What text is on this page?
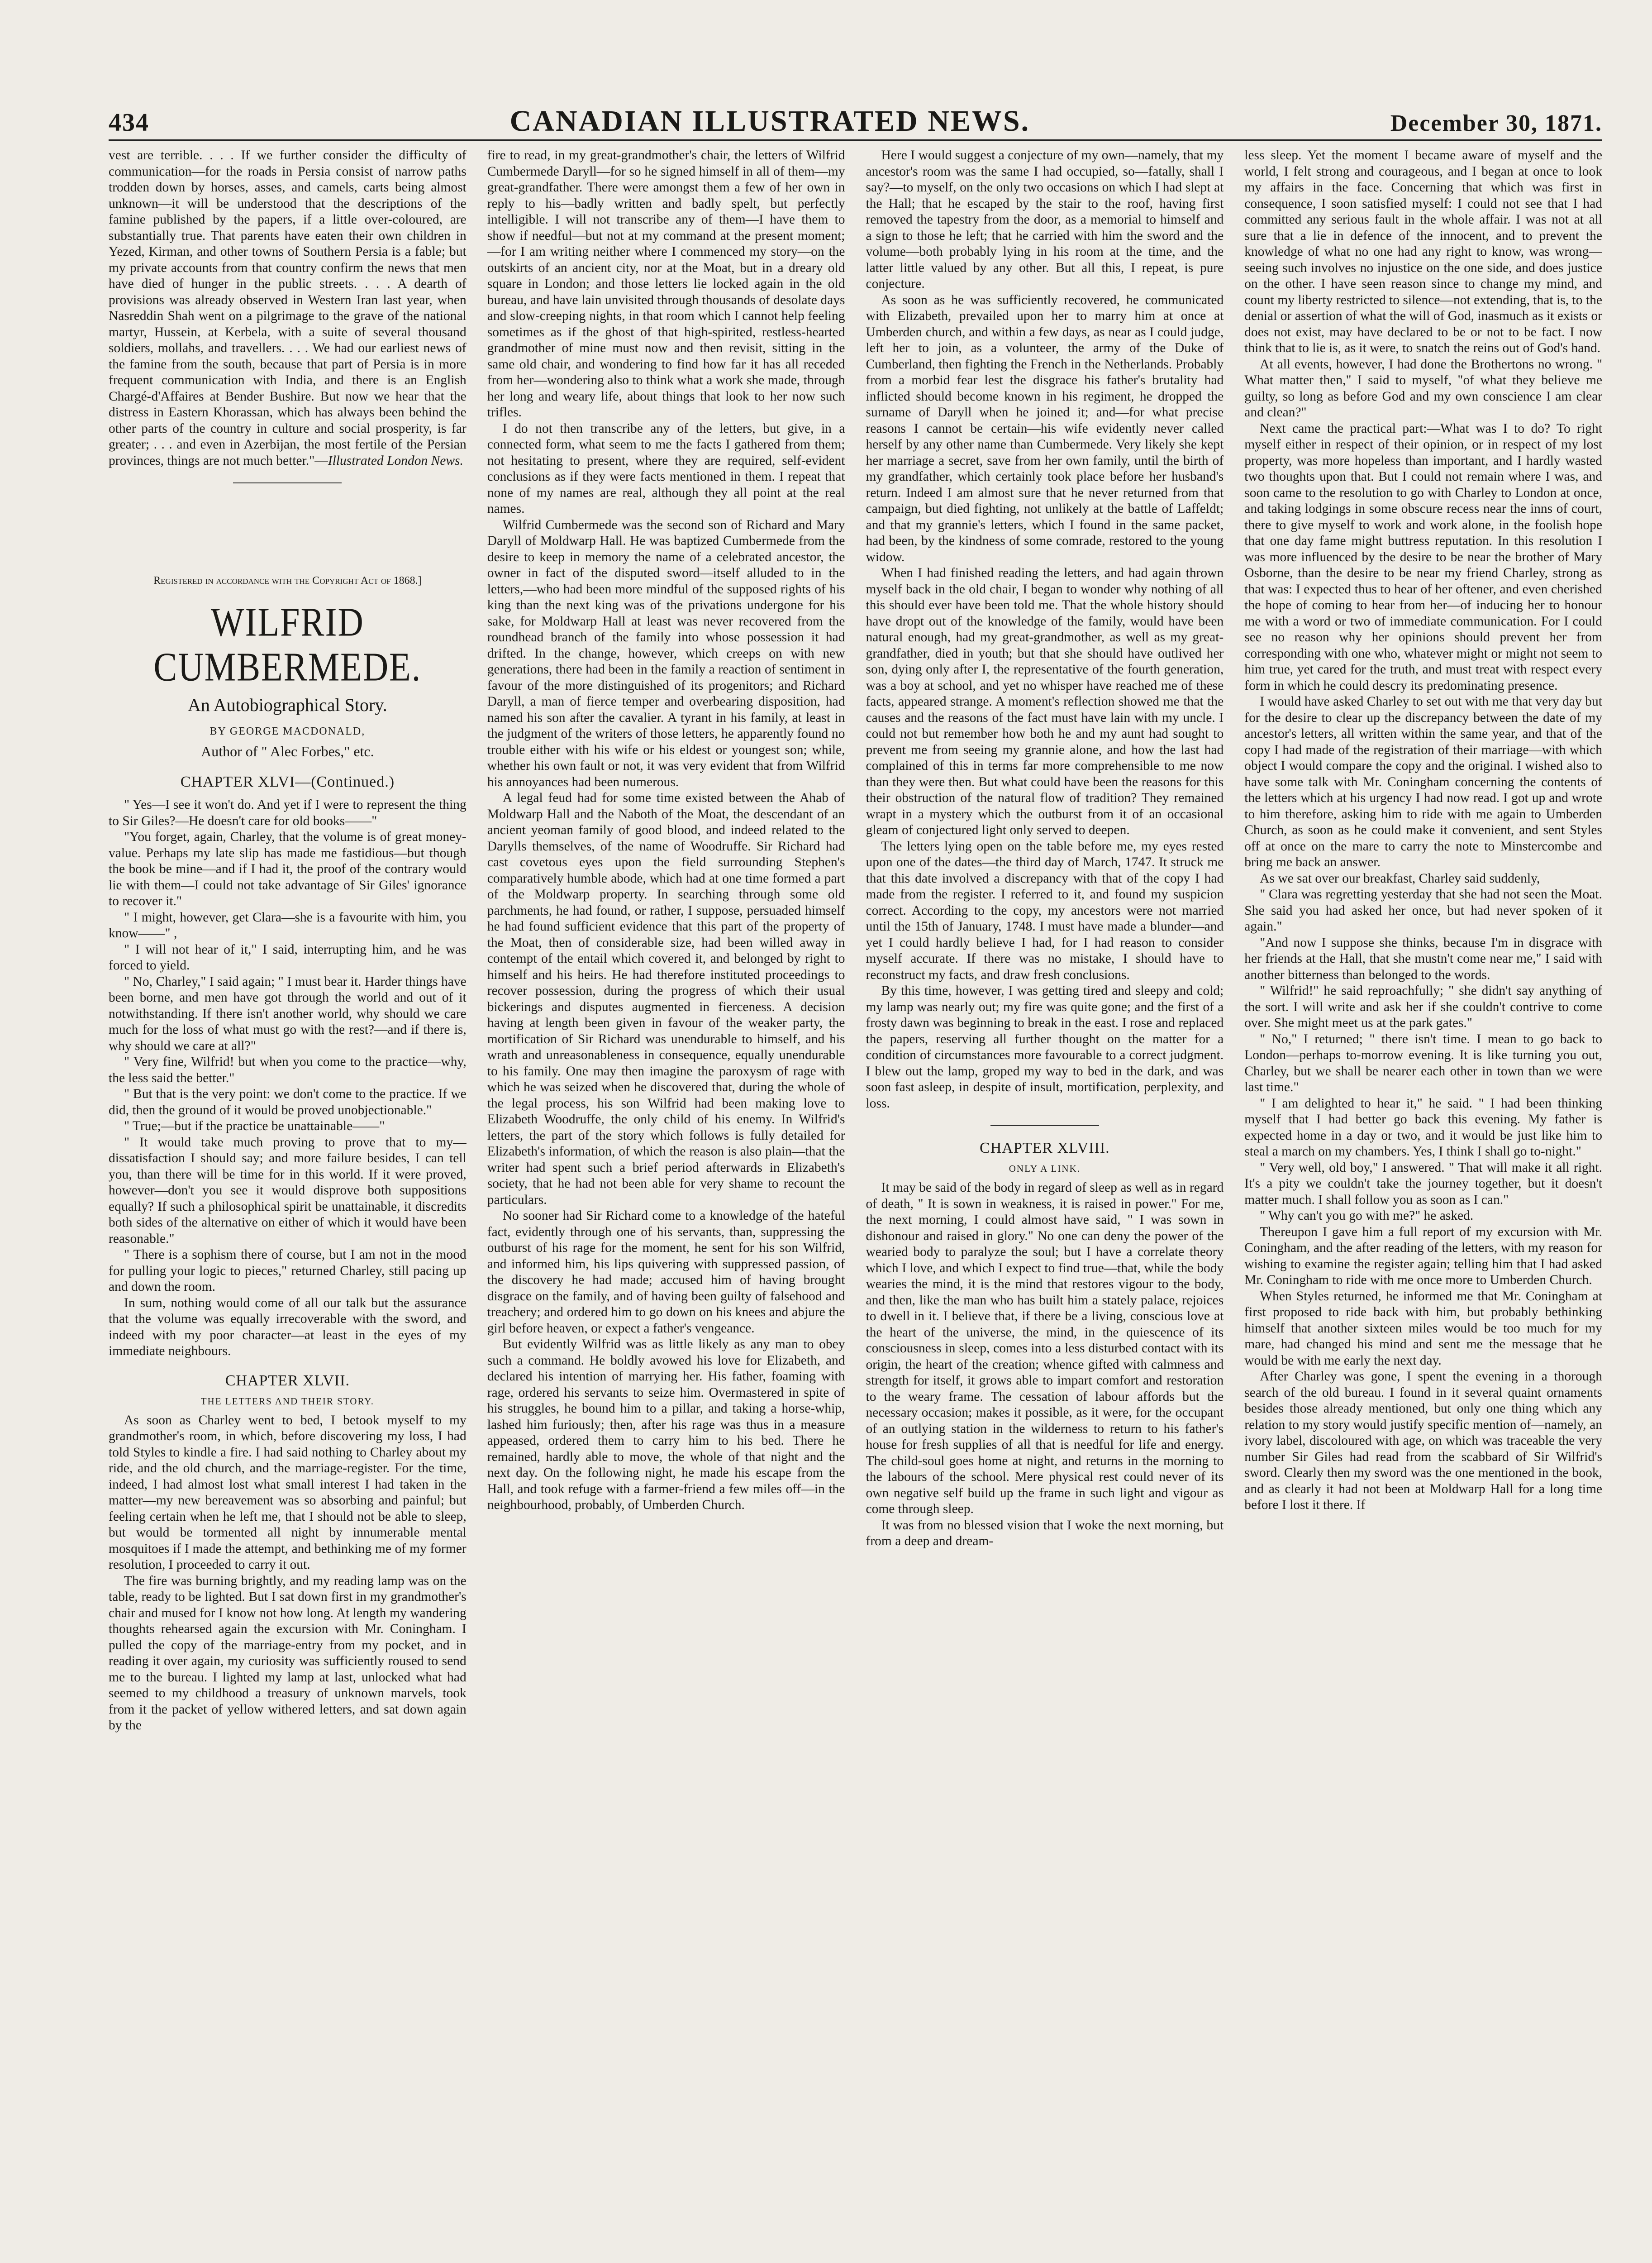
434	CANADIAN ILLUSTRATED NEWS.	December 30, 1871.

vest are terrible. . . . If we further consider the difficulty of communication—for the roads in Persia consist of narrow paths trodden down by horses, asses, and camels, carts being almost unknown—it will be understood that the descriptions of the famine published by the papers, if a little over-coloured, are substantially true. That parents have eaten their own children in Yezed, Kirman, and other towns of Southern Persia is a fable; but my private accounts from that country confirm the news that men have died of hunger in the public streets. . . . A dearth of provisions was already observed in Western Iran last year, when Nasreddin Shah went on a pilgrimage to the grave of the national martyr, Hussein, at Kerbela, with a suite of several thousand soldiers, mollahs, and travellers. . . . We had our earliest news of the famine from the south, because that part of Persia is in more frequent communication with India, and there is an English Chargé-d'Affaires at Bender Bushire. But now we hear that the distress in Eastern Khorassan, which has always been behind the other parts of the country in culture and social prosperity, is far greater; . . . and even in Azerbijan, the most fertile of the Persian provinces, things are not much better."—Illustrated London News.

Registered in accordance with the Copyright Act of 1868.]
WILFRID CUMBERMEDE.
An Autobiographical Story.
BY GEORGE MACDONALD,
Author of " Alec Forbes," etc.
CHAPTER XLVI—(Continued.)

" Yes—I see it won't do. And yet if I were to represent the thing to Sir Giles?—He doesn't care for old books——"

"You forget, again, Charley, that the volume is of great money-value. Perhaps my late slip has made me fastidious—but though the book be mine—and if I had it, the proof of the contrary would lie with them—I could not take advantage of Sir Giles' ignorance to recover it."

" I might, however, get Clara—she is a favourite with him, you know——" ,

" I will not hear of it," I said, interrupting him, and he was forced to yield.

" No, Charley," I said again; " I must bear it. Harder things have been borne, and men have got through the world and out of it notwithstanding. If there isn't another world, why should we care much for the loss of what must go with the rest?—and if there is, why should we care at all?"

" Very fine, Wilfrid! but when you come to the practice—why, the less said the better."

" But that is the very point: we don't come to the practice. If we did, then the ground of it would be proved unobjectionable."

" True;—but if the practice be unattainable——"

" It would take much proving to prove that to my—dissatisfaction I should say; and more failure besides, I can tell you, than there will be time for in this world. If it were proved, however—don't you see it would disprove both suppositions equally? If such a philosophical spirit be unattainable, it discredits both sides of the alternative on either of which it would have been reasonable."

" There is a sophism there of course, but I am not in the mood for pulling your logic to pieces," returned Charley, still pacing up and down the room.

In sum, nothing would come of all our talk but the assurance that the volume was equally irrecoverable with the sword, and indeed with my poor character—at least in the eyes of my immediate neighbours.

CHAPTER XLVII.
THE LETTERS AND THEIR STORY.

As soon as Charley went to bed, I betook myself to my grandmother's room, in which, before discovering my loss, I had told Styles to kindle a fire. I had said nothing to Charley about my ride, and the old church, and the marriage-register. For the time, indeed, I had almost lost what small interest I had taken in the matter—my new bereavement was so absorbing and painful; but feeling certain when he left me, that I should not be able to sleep, but would be tormented all night by innumerable mental mosquitoes if I made the attempt, and bethinking me of my former resolution, I proceeded to carry it out.

The fire was burning brightly, and my reading lamp was on the table, ready to be lighted. But I sat down first in my grandmother's chair and mused for I know not how long. At length my wandering thoughts rehearsed again the excursion with Mr. Coningham. I pulled the copy of the marriage-entry from my pocket, and in reading it over again, my curiosity was sufficiently roused to send me to the bureau. I lighted my lamp at last, unlocked what had seemed to my childhood a treasury of unknown marvels, took from it the packet of yellow withered letters, and sat down again by the

fire to read, in my great-grandmother's chair, the letters of Wilfrid Cumbermede Daryll—for so he signed himself in all of them—my great-grandfather. There were amongst them a few of her own in reply to his—badly written and badly spelt, but perfectly intelligible. I will not transcribe any of them—I have them to show if needful—but not at my command at the present moment;—for I am writing neither where I commenced my story—on the outskirts of an ancient city, nor at the Moat, but in a dreary old square in London; and those letters lie locked again in the old bureau, and have lain unvisited through thousands of desolate days and slow-creeping nights, in that room which I cannot help feeling sometimes as if the ghost of that high-spirited, restless-hearted grandmother of mine must now and then revisit, sitting in the same old chair, and wondering to find how far it has all receded from her—wondering also to think what a work she made, through her long and weary life, about things that look to her now such trifles.

I do not then transcribe any of the letters, but give, in a connected form, what seem to me the facts I gathered from them; not hesitating to present, where they are required, self-evident conclusions as if they were facts mentioned in them. I repeat that none of my names are real, although they all point at the real names.

Wilfrid Cumbermede was the second son of Richard and Mary Daryll of Moldwarp Hall. He was baptized Cumbermede from the desire to keep in memory the name of a celebrated ancestor, the owner in fact of the disputed sword—itself alluded to in the letters,—who had been more mindful of the supposed rights of his king than the next king was of the privations undergone for his sake, for Moldwarp Hall at least was never recovered from the roundhead branch of the family into whose possession it had drifted. In the change, however, which creeps on with new generations, there had been in the family a reaction of sentiment in favour of the more distinguished of its progenitors; and Richard Daryll, a man of fierce temper and overbearing disposition, had named his son after the cavalier. A tyrant in his family, at least in the judgment of the writers of those letters, he apparently found no trouble either with his wife or his eldest or youngest son; while, whether his own fault or not, it was very evident that from Wilfrid his annoyances had been numerous.

A legal feud had for some time existed between the Ahab of Moldwarp Hall and the Naboth of the Moat, the descendant of an ancient yeoman family of good blood, and indeed related to the Darylls themselves, of the name of Woodruffe. Sir Richard had cast covetous eyes upon the field surrounding Stephen's comparatively humble abode, which had at one time formed a part of the Moldwarp property. In searching through some old parchments, he had found, or rather, I suppose, persuaded himself he had found sufficient evidence that this part of the property of the Moat, then of considerable size, had been willed away in contempt of the entail which covered it, and belonged by right to himself and his heirs. He had therefore instituted proceedings to recover possession, during the progress of which their usual bickerings and disputes augmented in fierceness. A decision having at length been given in favour of the weaker party, the mortification of Sir Richard was unendurable to himself, and his wrath and unreasonableness in consequence, equally unendurable to his family. One may then imagine the paroxysm of rage with which he was seized when he discovered that, during the whole of the legal process, his son Wilfrid had been making love to Elizabeth Woodruffe, the only child of his enemy. In Wilfrid's letters, the part of the story which follows is fully detailed for Elizabeth's information, of which the reason is also plain—that the writer had spent such a brief period afterwards in Elizabeth's society, that he had not been able for very shame to recount the particulars.

No sooner had Sir Richard come to a knowledge of the hateful fact, evidently through one of his servants, than, suppressing the outburst of his rage for the moment, he sent for his son Wilfrid, and informed him, his lips quivering with suppressed passion, of the discovery he had made; accused him of having brought disgrace on the family, and of having been guilty of falsehood and treachery; and ordered him to go down on his knees and abjure the girl before heaven, or expect a father's vengeance.

But evidently Wilfrid was as little likely as any man to obey such a command. He boldly avowed his love for Elizabeth, and declared his intention of marrying her. His father, foaming with rage, ordered his servants to seize him. Overmastered in spite of his struggles, he bound him to a pillar, and taking a horse-whip, lashed him furiously; then, after his rage was thus in a measure appeased, ordered them to carry him to his bed. There he remained, hardly able to move, the whole of that night and the next day. On the following night, he made his escape from the Hall, and took refuge with a farmer-friend a few miles off—in the neighbourhood, probably, of Umberden Church.

Here I would suggest a conjecture of my own—namely, that my ancestor's room was the same I had occupied, so—fatally, shall I say?—to myself, on the only two occasions on which I had slept at the Hall; that he escaped by the stair to the roof, having first removed the tapestry from the door, as a memorial to himself and a sign to those he left; that he carried with him the sword and the volume—both probably lying in his room at the time, and the latter little valued by any other. But all this, I repeat, is pure conjecture.

As soon as he was sufficiently recovered, he communicated with Elizabeth, prevailed upon her to marry him at once at Umberden church, and within a few days, as near as I could judge, left her to join, as a volunteer, the army of the Duke of Cumberland, then fighting the French in the Netherlands. Probably from a morbid fear lest the disgrace his father's brutality had inflicted should become known in his regiment, he dropped the surname of Daryll when he joined it; and—for what precise reasons I cannot be certain—his wife evidently never called herself by any other name than Cumbermede. Very likely she kept her marriage a secret, save from her own family, until the birth of my grandfather, which certainly took place before her husband's return. Indeed I am almost sure that he never returned from that campaign, but died fighting, not unlikely at the battle of Laffeldt; and that my grannie's letters, which I found in the same packet, had been, by the kindness of some comrade, restored to the young widow.

When I had finished reading the letters, and had again thrown myself back in the old chair, I began to wonder why nothing of all this should ever have been told me. That the whole history should have dropt out of the knowledge of the family, would have been natural enough, had my great-grandmother, as well as my great-grandfather, died in youth; but that she should have outlived her son, dying only after I, the representative of the fourth generation, was a boy at school, and yet no whisper have reached me of these facts, appeared strange. A moment's reflection showed me that the causes and the reasons of the fact must have lain with my uncle. I could not but remember how both he and my aunt had sought to prevent me from seeing my grannie alone, and how the last had complained of this in terms far more comprehensible to me now than they were then. But what could have been the reasons for this their obstruction of the natural flow of tradition? They remained wrapt in a mystery which the outburst from it of an occasional gleam of conjectured light only served to deepen.

The letters lying open on the table before me, my eyes rested upon one of the dates—the third day of March, 1747. It struck me that this date involved a discrepancy with that of the copy I had made from the register. I referred to it, and found my suspicion correct. According to the copy, my ancestors were not married until the 15th of January, 1748. I must have made a blunder—and yet I could hardly believe I had, for I had reason to consider myself accurate. If there was no mistake, I should have to reconstruct my facts, and draw fresh conclusions.

By this time, however, I was getting tired and sleepy and cold; my lamp was nearly out; my fire was quite gone; and the first of a frosty dawn was beginning to break in the east. I rose and replaced the papers, reserving all further thought on the matter for a condition of circumstances more favourable to a correct judgment. I blew out the lamp, groped my way to bed in the dark, and was soon fast asleep, in despite of insult, mortification, perplexity, and loss.

CHAPTER XLVIII.
ONLY A LINK.

It may be said of the body in regard of sleep as well as in regard of death, " It is sown in weakness, it is raised in power." For me, the next morning, I could almost have said, " I was sown in dishonour and raised in glory." No one can deny the power of the wearied body to paralyze the soul; but I have a correlate theory which I love, and which I expect to find true—that, while the body wearies the mind, it is the mind that restores vigour to the body, and then, like the man who has built him a stately palace, rejoices to dwell in it. I believe that, if there be a living, conscious love at the heart of the universe, the mind, in the quiescence of its consciousness in sleep, comes into a less disturbed contact with its origin, the heart of the creation; whence gifted with calmness and strength for itself, it grows able to impart comfort and restoration to the weary frame. The cessation of labour affords but the necessary occasion; makes it possible, as it were, for the occupant of an outlying station in the wilderness to return to his father's house for fresh supplies of all that is needful for life and energy. The child-soul goes home at night, and returns in the morning to the labours of the school. Mere physical rest could never of its own negative self build up the frame in such light and vigour as come through sleep.

It was from no blessed vision that I woke the next morning, but from a deep and dream-

less sleep. Yet the moment I became aware of myself and the world, I felt strong and courageous, and I began at once to look my affairs in the face. Concerning that which was first in consequence, I soon satisfied myself: I could not see that I had committed any serious fault in the whole affair. I was not at all sure that a lie in defence of the innocent, and to prevent the knowledge of what no one had any right to know, was wrong—seeing such involves no injustice on the one side, and does justice on the other. I have seen reason since to change my mind, and count my liberty restricted to silence—not extending, that is, to the denial or assertion of what the will of God, inasmuch as it exists or does not exist, may have declared to be or not to be fact. I now think that to lie is, as it were, to snatch the reins out of God's hand.

At all events, however, I had done the Brothertons no wrong. " What matter then," I said to myself, "of what they believe me guilty, so long as before God and my own conscience I am clear and clean?"

Next came the practical part:—What was I to do? To right myself either in respect of their opinion, or in respect of my lost property, was more hopeless than important, and I hardly wasted two thoughts upon that. But I could not remain where I was, and soon came to the resolution to go with Charley to London at once, and taking lodgings in some obscure recess near the inns of court, there to give myself to work and work alone, in the foolish hope that one day fame might buttress reputation. In this resolution I was more influenced by the desire to be near the brother of Mary Osborne, than the desire to be near my friend Charley, strong as that was: I expected thus to hear of her oftener, and even cherished the hope of coming to hear from her—of inducing her to honour me with a word or two of immediate communication. For I could see no reason why her opinions should prevent her from corresponding with one who, whatever might or might not seem to him true, yet cared for the truth, and must treat with respect every form in which he could descry its predominating presence.

I would have asked Charley to set out with me that very day but for the desire to clear up the discrepancy between the date of my ancestor's letters, all written within the same year, and that of the copy I had made of the registration of their marriage—with which object I would compare the copy and the original. I wished also to have some talk with Mr. Coningham concerning the contents of the letters which at his urgency I had now read. I got up and wrote to him therefore, asking him to ride with me again to Umberden Church, as soon as he could make it convenient, and sent Styles off at once on the mare to carry the note to Minstercombe and bring me back an answer.

As we sat over our breakfast, Charley said suddenly,

" Clara was regretting yesterday that she had not seen the Moat. She said you had asked her once, but had never spoken of it again."

"And now I suppose she thinks, because I'm in disgrace with her friends at the Hall, that she mustn't come near me," I said with another bitterness than belonged to the words.

" Wilfrid!" he said reproachfully; " she didn't say anything of the sort. I will write and ask her if she couldn't contrive to come over. She might meet us at the park gates."

" No," I returned; " there isn't time. I mean to go back to London—perhaps to-morrow evening. It is like turning you out, Charley, but we shall be nearer each other in town than we were last time."

" I am delighted to hear it," he said. " I had been thinking myself that I had better go back this evening. My father is expected home in a day or two, and it would be just like him to steal a march on my chambers. Yes, I think I shall go to-night."

" Very well, old boy," I answered. " That will make it all right. It's a pity we couldn't take the journey together, but it doesn't matter much. I shall follow you as soon as I can."

" Why can't you go with me?" he asked.

Thereupon I gave him a full report of my excursion with Mr. Coningham, and the after reading of the letters, with my reason for wishing to examine the register again; telling him that I had asked Mr. Coningham to ride with me once more to Umberden Church.

When Styles returned, he informed me that Mr. Coningham at first proposed to ride back with him, but probably bethinking himself that another sixteen miles would be too much for my mare, had changed his mind and sent me the message that he would be with me early the next day.

After Charley was gone, I spent the evening in a thorough search of the old bureau. I found in it several quaint ornaments besides those already mentioned, but only one thing which any relation to my story would justify specific mention of—namely, an ivory label, discoloured with age, on which was traceable the very number Sir Giles had read from the scabbard of Sir Wilfrid's sword. Clearly then my sword was the one mentioned in the book, and as clearly it had not been at Moldwarp Hall for a long time before I lost it there. If
